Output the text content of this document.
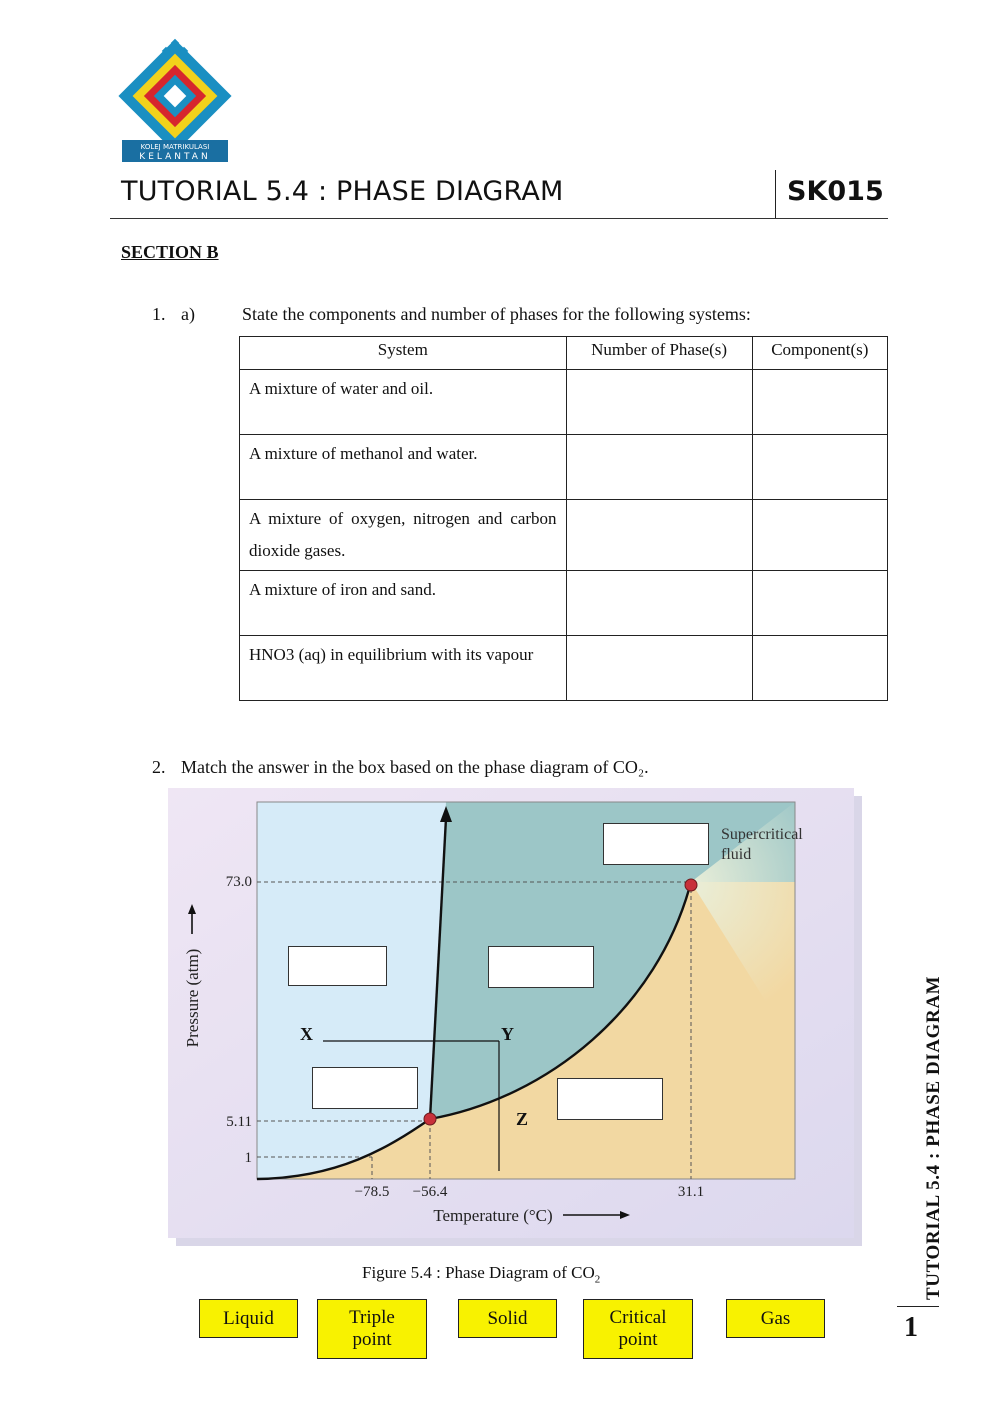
KOLEJ MATRIKULASI
KELANTAN
TUTORIAL 5.4 : PHASE DIAGRAM	SK015
SECTION B
1. a)	State the components and number of phases for the following systems:
System	Number of Phase(s)	Component(s)
A mixture of water and oil.		
A mixture of methanol and water.		
A mixture of oxygen, nitrogen and carbon dioxide gases.		
A mixture of iron and sand.		
HNO3 (aq) in equilibrium with its vapour		
2. Match the answer in the box based on the phase diagram of CO₂.
73.0
5.11
1
−78.5 −56.4	31.1
Temperature (°C)
Pressure (atm)
Supercritical
fluid
X	Y
Z
Figure 5.4 : Phase Diagram of $CO_2$
Liquid	Triple
point
Solid	Critical
point
Gas
TUTORIAL 5.4 : PHASE DIAGRAM
1
